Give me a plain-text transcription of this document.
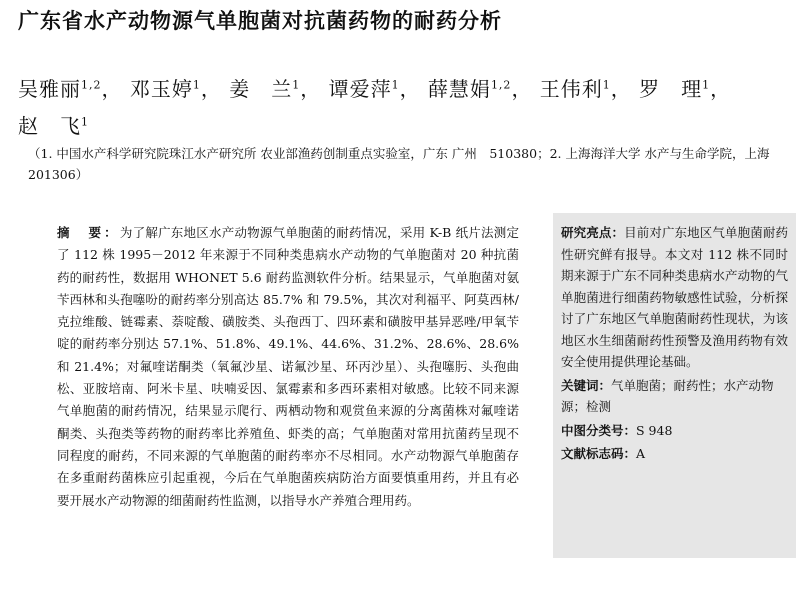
广东省水产动物源气单胞菌对抗菌药物的耐药分析
吴雅丽$^{1,2}$， 邓玉婷$^1$， 姜　兰$^1$， 谭爱萍$^1$， 薛慧娟$^{1,2}$， 王伟利$^1$， 罗　理$^1$， 赵　飞$^1$
（1. 中国水产科学研究院珠江水产研究所 农业部渔药创制重点实验室，广东 广州　510380；2. 上海海洋大学 水产与生命学院，上海　201306）
摘　要：为了解广东地区水产动物源气单胞菌的耐药情况，采用 K-B 纸片法测定了 112 株 1995－2012 年来源于不同种类患病水产动物的气单胞菌对 20 种抗菌药的耐药性，数据用 WHONET 5.6 耐药监测软件分析。结果显示，气单胞菌对氨苄西林和头孢噻吩的耐药率分别高达 85.7% 和 79.5%，其次对利福平、阿莫西林/克拉维酸、链霉素、萘啶酸、磺胺类、头孢西丁、四环素和磺胺甲基异恶唑/甲氧苄啶的耐药率分别达 57.1%、51.8%、49.1%、44.6%、31.2%、28.6%、28.6% 和 21.4%；对氟喹诺酮类（氧氟沙星、诺氟沙星、环丙沙星）、头孢噻肟、头孢曲松、亚胺培南、阿米卡星、呋喃妥因、氯霉素和多西环素相对敏感。比较不同来源气单胞菌的耐药情况，结果显示爬行、两栖动物和观赏鱼来源的分离菌株对氟喹诺酮类、头孢类等药物的耐药率比养殖鱼、虾类的高；气单胞菌对常用抗菌药呈现不同程度的耐药，不同来源的气单胞菌的耐药率亦不尽相同。水产动物源气单胞菌存在多重耐药菌株应引起重视，今后在气单胞菌疾病防治方面要慎重用药，并且有必要开展水产动物源的细菌耐药性监测，以指导水产养殖合理用药。
研究亮点：目前对广东地区气单胞菌耐药性研究鲜有报导。本文对 112 株不同时期来源于广东不同种类患病水产动物的气单胞菌进行细菌药物敏感性试验，分析探讨了广东地区气单胞菌耐药性现状，为该地区水生细菌耐药性预警及渔用药物有效安全使用提供理论基础。
关键词：气单胞菌；耐药性；水产动物源；检测
中图分类号：S 948
文献标志码：A
